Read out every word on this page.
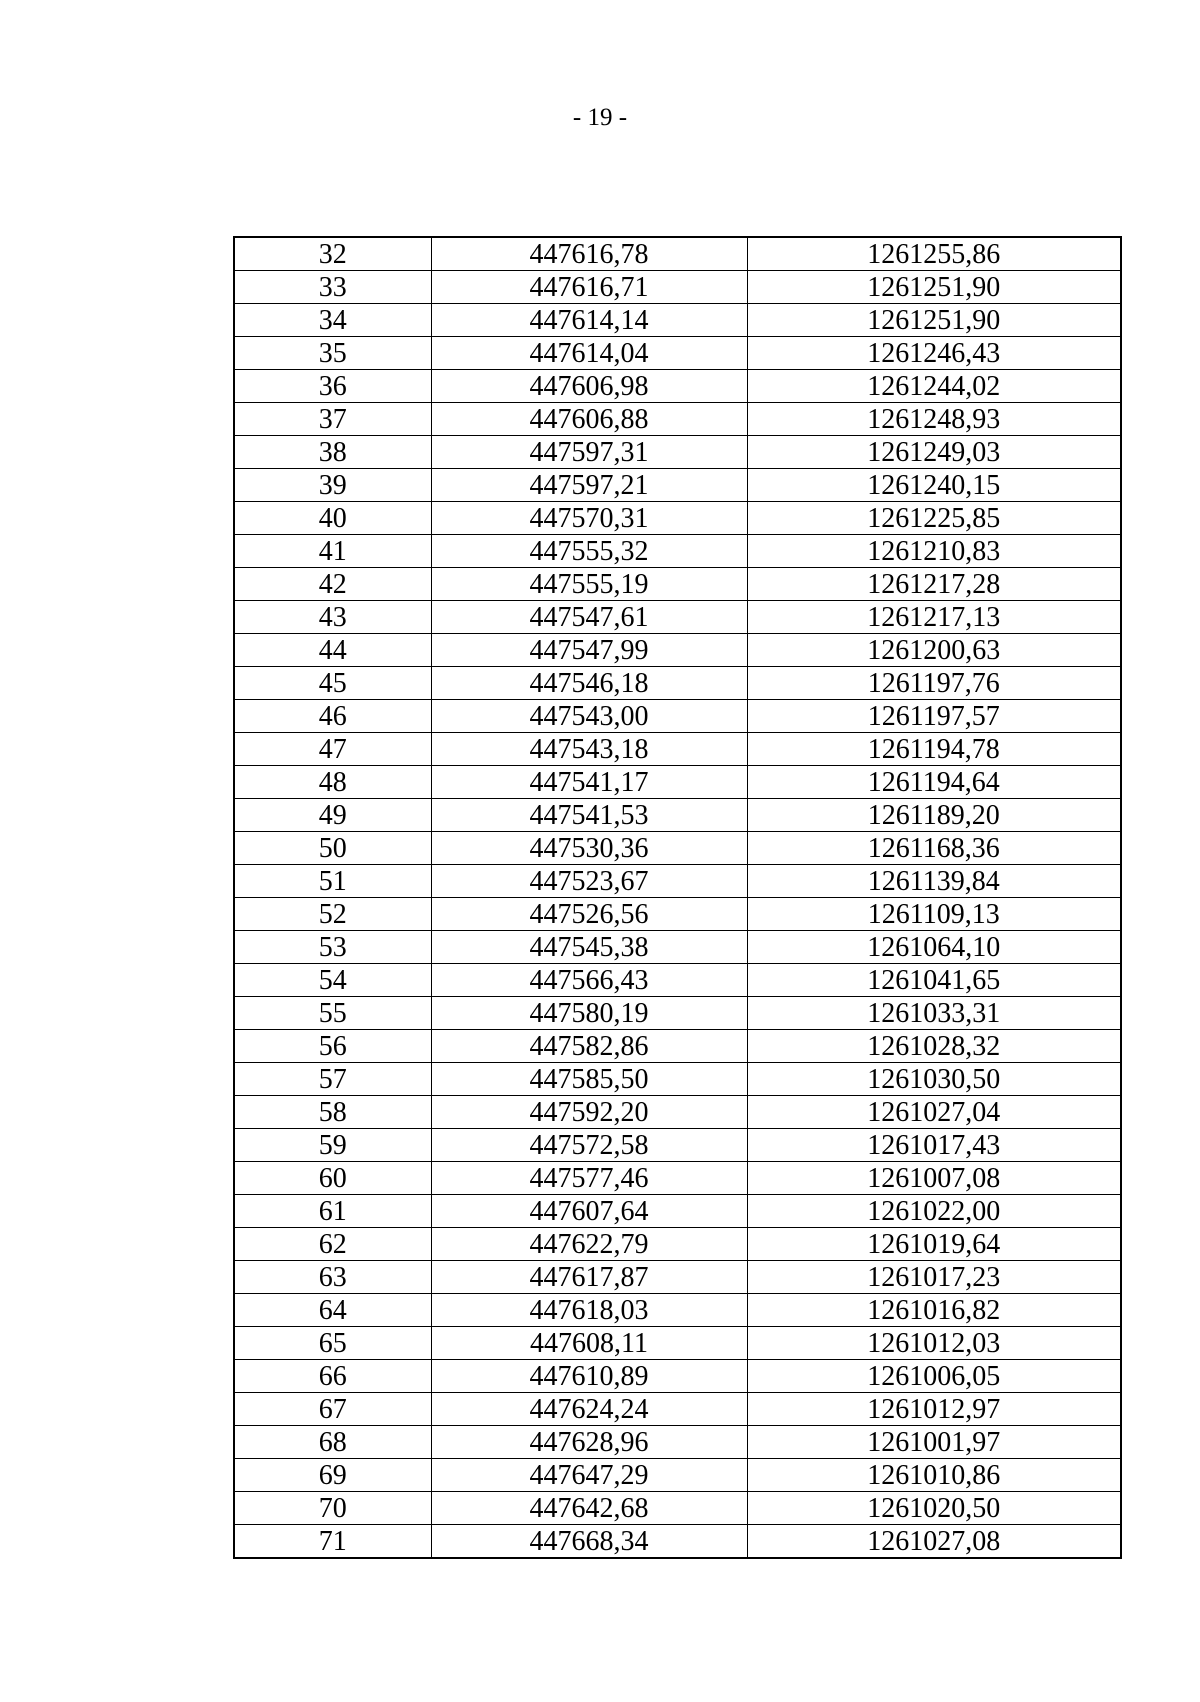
- 19 -
32	447616,78	1261255,86
33	447616,71	1261251,90
34	447614,14	1261251,90
35	447614,04	1261246,43
36	447606,98	1261244,02
37	447606,88	1261248,93
38	447597,31	1261249,03
39	447597,21	1261240,15
40	447570,31	1261225,85
41	447555,32	1261210,83
42	447555,19	1261217,28
43	447547,61	1261217,13
44	447547,99	1261200,63
45	447546,18	1261197,76
46	447543,00	1261197,57
47	447543,18	1261194,78
48	447541,17	1261194,64
49	447541,53	1261189,20
50	447530,36	1261168,36
51	447523,67	1261139,84
52	447526,56	1261109,13
53	447545,38	1261064,10
54	447566,43	1261041,65
55	447580,19	1261033,31
56	447582,86	1261028,32
57	447585,50	1261030,50
58	447592,20	1261027,04
59	447572,58	1261017,43
60	447577,46	1261007,08
61	447607,64	1261022,00
62	447622,79	1261019,64
63	447617,87	1261017,23
64	447618,03	1261016,82
65	447608,11	1261012,03
66	447610,89	1261006,05
67	447624,24	1261012,97
68	447628,96	1261001,97
69	447647,29	1261010,86
70	447642,68	1261020,50
71	447668,34	1261027,08
